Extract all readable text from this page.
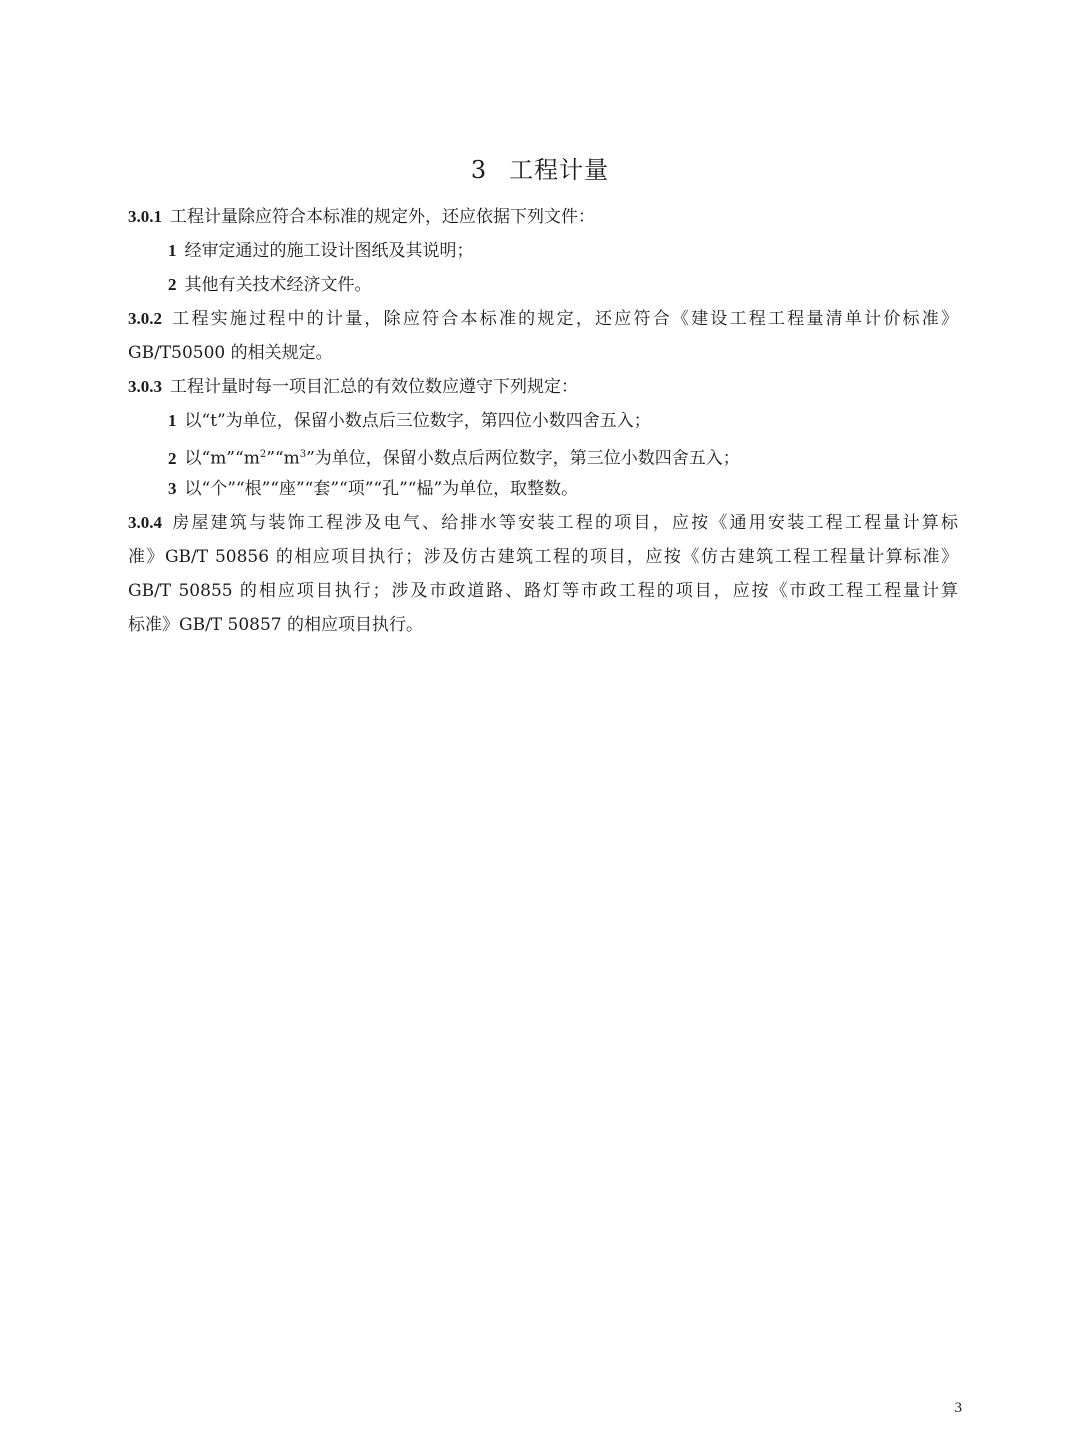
3 工程计量
3.0.1 工程计量除应符合本标准的规定外，还应依据下列文件：
1 经审定通过的施工设计图纸及其说明；
2 其他有关技术经济文件。
3.0.2 工程实施过程中的计量，除应符合本标准的规定，还应符合《建设工程工程量清单计价标准》
GB/T50500 的相关规定。
3.0.3 工程计量时每一项目汇总的有效位数应遵守下列规定：
1 以“t”为单位，保留小数点后三位数字，第四位小数四舍五入；
2 以“$m”“m^2”“m^3$”为单位，保留小数点后两位数字，第三位小数四舍五入；
3 以“个”“根”“座”“套”“项”“孔”“榀”为单位，取整数。
3.0.4 房屋建筑与装饰工程涉及电气、给排水等安装工程的项目，应按《通用安装工程工程量计算标
准》GB/T 50856 的相应项目执行；涉及仿古建筑工程的项目，应按《仿古建筑工程工程量计算标准》
GB/T 50855 的相应项目执行；涉及市政道路、路灯等市政工程的项目，应按《市政工程工程量计算
标准》GB/T 50857 的相应项目执行。
3
